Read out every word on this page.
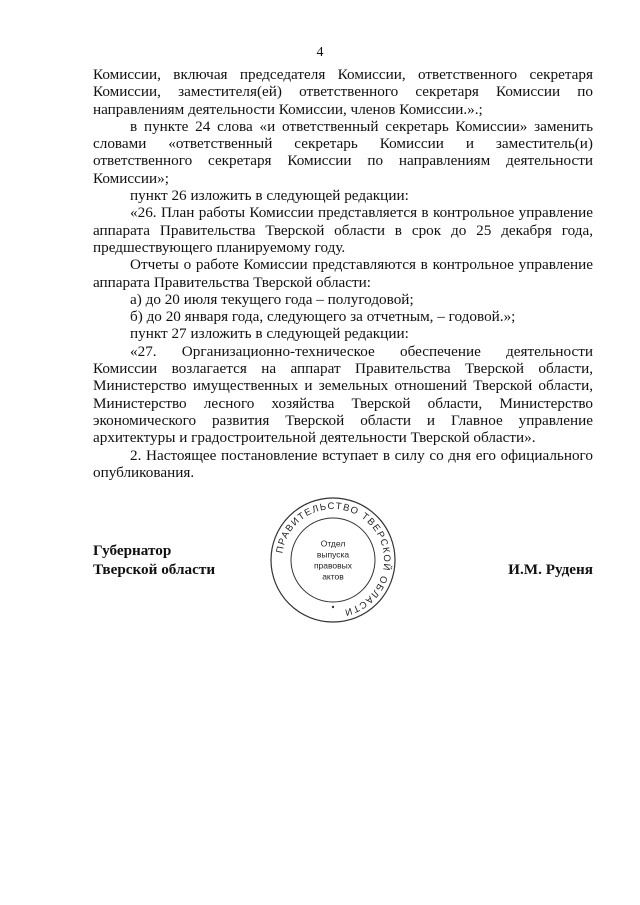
4

Комиссии, включая председателя Комиссии, ответственного секретаря Комиссии, заместителя(ей) ответственного секретаря Комиссии по направлениям деятельности Комиссии, членов Комиссии.».;

в пункте 24 слова «и ответственный секретарь Комиссии» заменить словами «ответственный секретарь Комиссии и заместитель(и) ответственного секретаря Комиссии по направлениям деятельности Комиссии»;

пункт 26 изложить в следующей редакции:

«26. План работы Комиссии представляется в контрольное управление аппарата Правительства Тверской области в срок до 25 декабря года, предшествующего планируемому году.

Отчеты о работе Комиссии представляются в контрольное управление аппарата Правительства Тверской области:

а) до 20 июля текущего года – полугодовой;

б) до 20 января года, следующего за отчетным, – годовой.»;

пункт 27 изложить в следующей редакции:

«27. Организационно-техническое обеспечение деятельности Комиссии возлагается на аппарат Правительства Тверской области, Министерство имущественных и земельных отношений Тверской области, Министерство лесного хозяйства Тверской области, Министерство экономического развития Тверской области и Главное управление архитектуры и градостроительной деятельности Тверской области».

2. Настоящее постановление вступает в силу со дня его официального опубликования.

Губернатор
Тверской области	И.М. Руденя
ПРАВИТЕЛЬСТВО ТВЕРСКОЙ ОБЛАСТИ
Отдел
выпуска
правовых
актов
